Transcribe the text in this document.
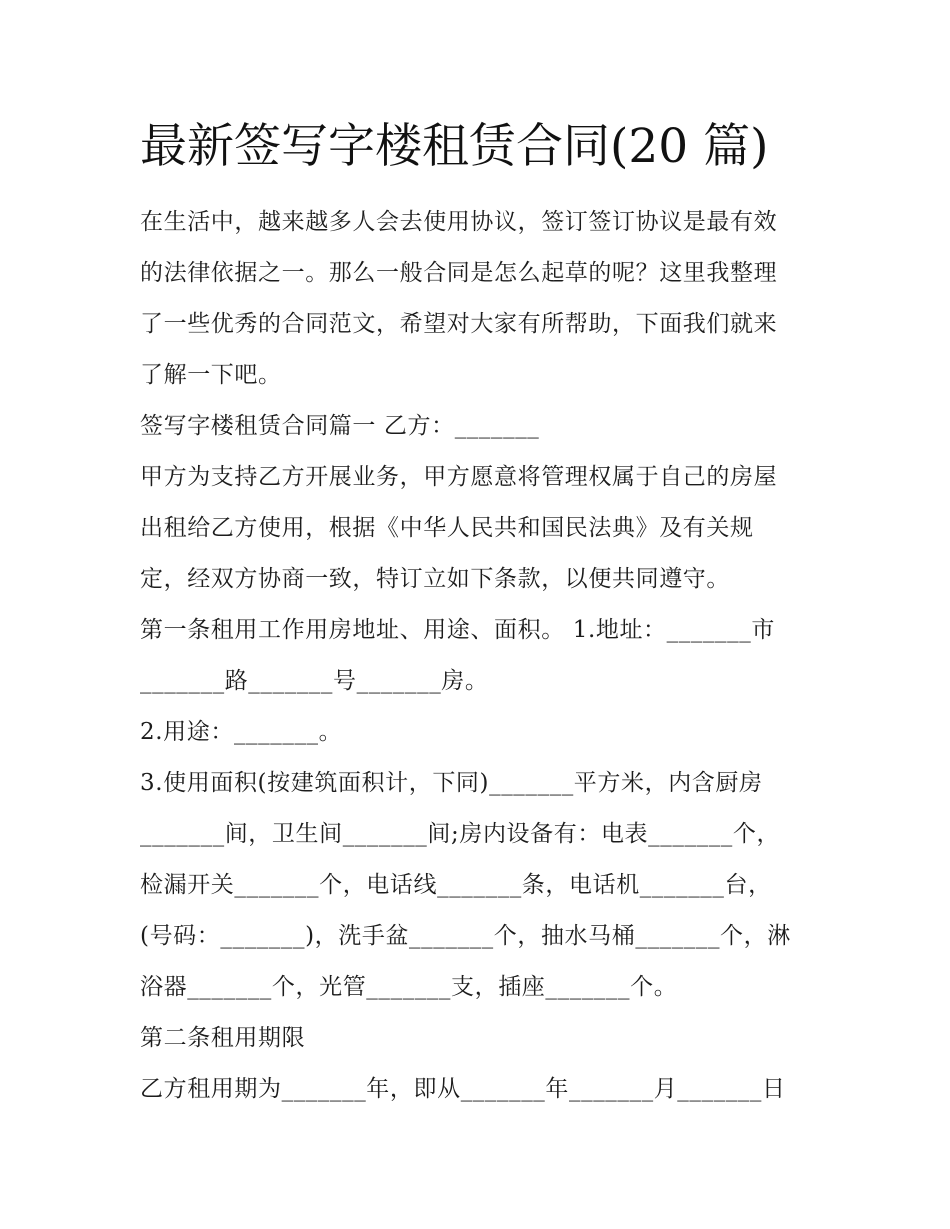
最新签写字楼租赁合同(20 篇)
在生活中，越来越多人会去使用协议，签订签订协议是最有效
的法律依据之一。那么一般合同是怎么起草的呢？这里我整理
了一些优秀的合同范文，希望对大家有所帮助，下面我们就来
了解一下吧。
签写字楼租赁合同篇一 乙方：_______
甲方为支持乙方开展业务，甲方愿意将管理权属于自己的房屋
出租给乙方使用，根据《中华人民共和国民法典》及有关规
定，经双方协商一致，特订立如下条款，以便共同遵守。
第一条租用工作用房地址、用途、面积。 1.地址：_______市
_______路_______号_______房。
2.用途：_______。
3.使用面积(按建筑面积计，下同)_______平方米，内含厨房
_______间，卫生间_______间;房内设备有：电表_______个，
检漏开关_______个，电话线_______条，电话机_______台，
(号码：_______)，洗手盆_______个，抽水马桶_______个，淋
浴器_______个，光管_______支，插座_______个。
第二条租用期限
乙方租用期为_______年，即从_______年_______月_______日
